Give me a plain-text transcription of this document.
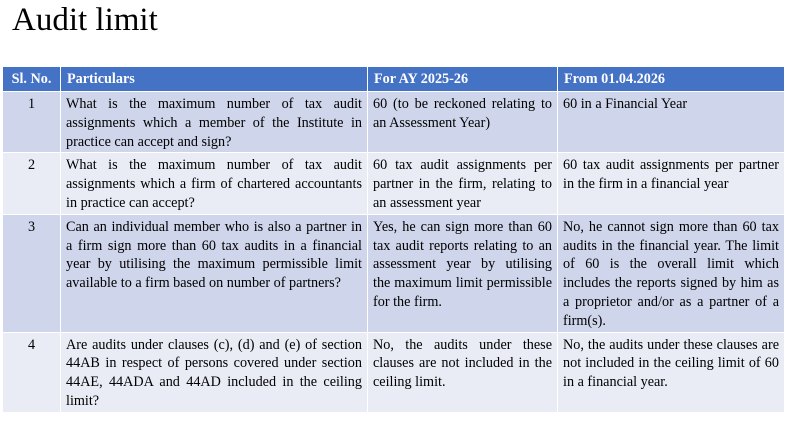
Audit limit
Sl. No.	Particulars	For AY 2025-26	From 01.04.2026
1	What is the maximum number of tax audit assignments which a member of the Institute in practice can accept and sign?	60 (to be reckoned relating to an Assessment Year)	60 in a Financial Year
2	What is the maximum number of tax audit assignments which a firm of chartered accountants in practice can accept?	60 tax audit assignments per partner in the firm, relating to an assessment year	60 tax audit assignments per partner in the firm in a financial year
3	Can an individual member who is also a partner in a firm sign more than 60 tax audits in a financial year by utilising the maximum permissible limit available to a firm based on number of partners?	Yes, he can sign more than 60 tax audit reports relating to an assessment year by utilising the maximum limit permissible for the firm.	No, he cannot sign more than 60 tax audits in the financial year. The limit of 60 is the overall limit which includes the reports signed by him as a proprietor and/or as a partner of a firm(s).
4	Are audits under clauses (c), (d) and (e) of section 44AB in respect of persons covered under section 44AE, 44ADA and 44AD included in the ceiling limit?	No, the audits under these clauses are not included in the ceiling limit.	No, the audits under these clauses are not included in the ceiling limit of 60 in a financial year.
